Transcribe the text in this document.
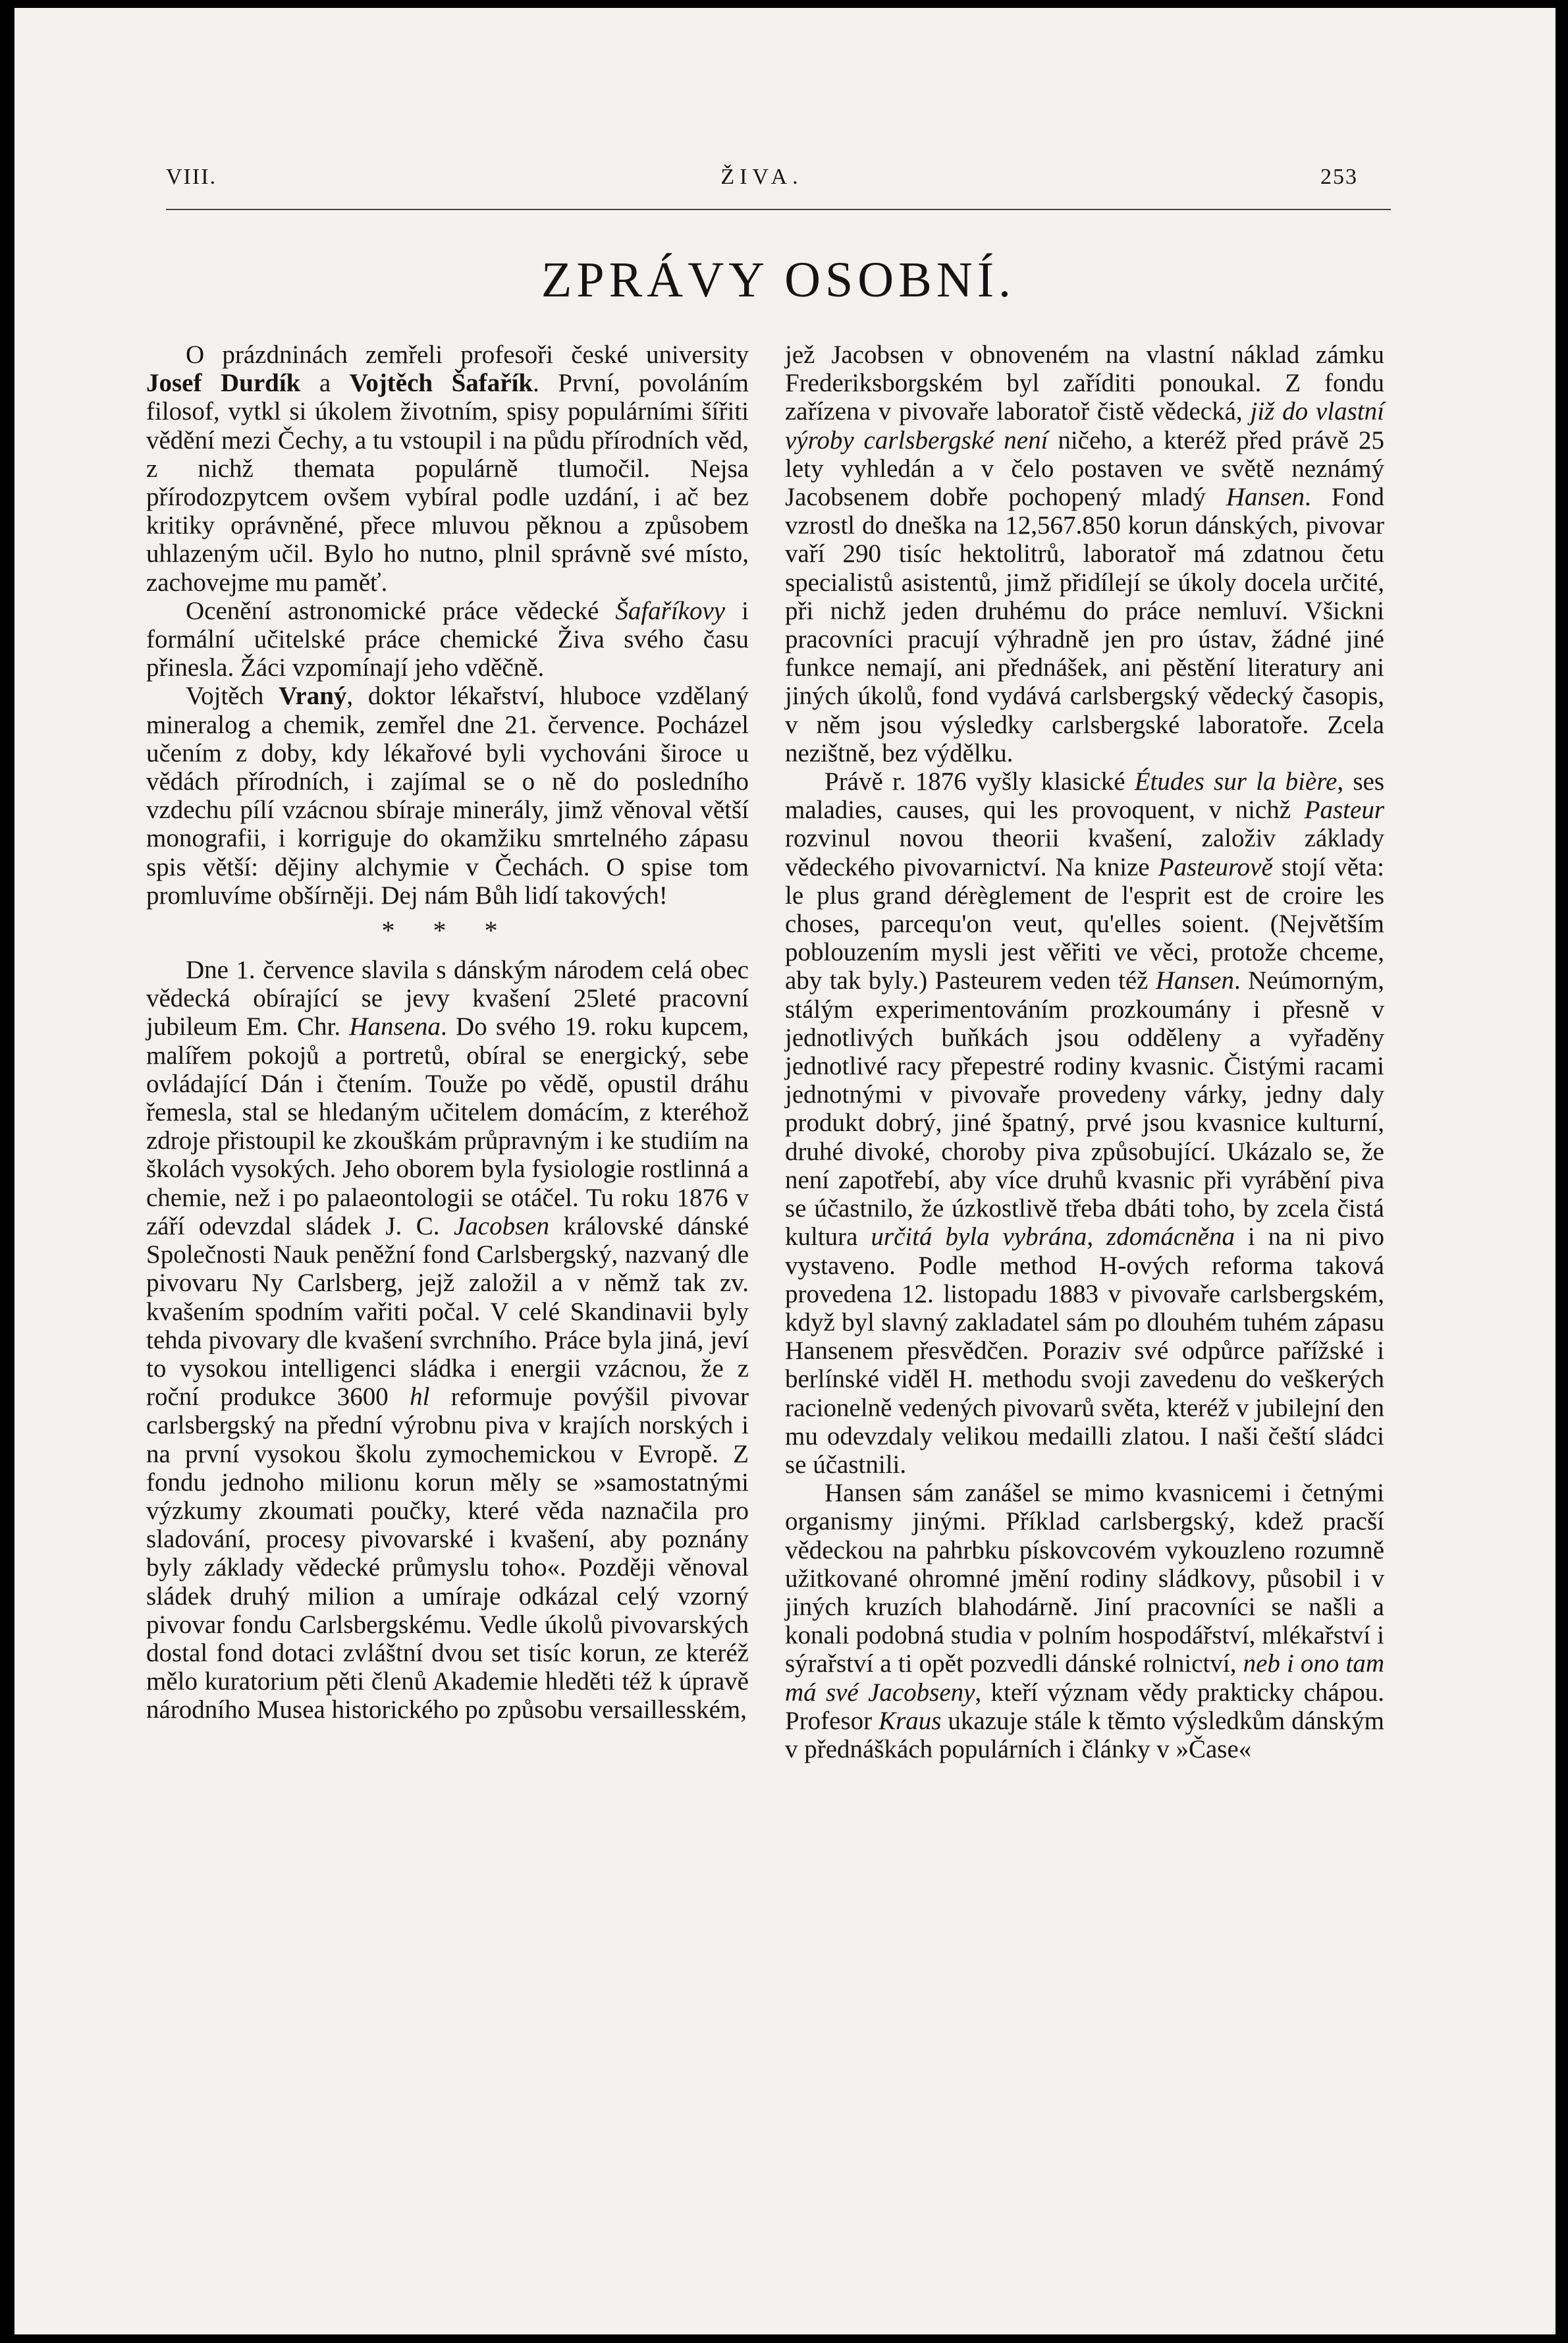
VIII.	ŽIVA.	253
ZPRÁVY OSOBNÍ.

O prázdninách zemřeli profesoři české university Josef Durdík a Vojtěch Šafařík. První, povoláním filosof, vytkl si úkolem životním, spisy populárními šířiti vědění mezi Čechy, a tu vstoupil i na půdu přírodních věd, z nichž themata populárně tlumočil. Nejsa přírodozpytcem ovšem vybíral podle uzdání, i ač bez kritiky oprávněné, přece mluvou pěknou a způsobem uhlazeným učil. Bylo ho nutno, plnil správně své místo, zachovejme mu paměť.

Ocenění astronomické práce vědecké Šafaříkovy i formální učitelské práce chemické Živa svého času přinesla. Žáci vzpomínají jeho vděčně.

Vojtěch Vraný, doktor lékařství, hluboce vzdělaný mineralog a chemik, zemřel dne 21. července. Pocházel učením z doby, kdy lékařové byli vychováni široce u vědách přírodních, i zajímal se o ně do posledního vzdechu pílí vzácnou sbíraje minerály, jimž věnoval větší monografii, i korriguje do okamžiku smrtelného zápasu spis větší: dějiny alchymie v Čechách. O spise tom promluvíme obšírněji. Dej nám Bůh lidí takových!

* * *

Dne 1. července slavila s dánským národem celá obec vědecká obírající se jevy kvašení 25leté pracovní jubileum Em. Chr. Hansena. Do svého 19. roku kupcem, malířem pokojů a portretů, obíral se energický, sebe ovládající Dán i čtením. Touže po vědě, opustil dráhu řemesla, stal se hledaným učitelem domácím, z kteréhož zdroje přistoupil ke zkouškám průpravným i ke studiím na školách vysokých. Jeho oborem byla fysiologie rostlinná a chemie, než i po palaeontologii se otáčel. Tu roku 1876 v září odevzdal sládek J. C. Jacobsen královské dánské Společnosti Nauk peněžní fond Carlsbergský, nazvaný dle pivovaru Ny Carlsberg, jejž založil a v němž tak zv. kvašením spodním vařiti počal. V celé Skandinavii byly tehda pivovary dle kvašení svrchního. Práce byla jiná, jeví to vysokou intelligenci sládka i energii vzácnou, že z roční produkce 3600 hl reformuje povýšil pivovar carlsbergský na přední výrobnu piva v krajích norských i na první vysokou školu zymochemickou v Evropě. Z fondu jednoho milionu korun měly se »samostatnými výzkumy zkoumati poučky, které věda naznačila pro sladování, procesy pivovarské i kvašení, aby poznány byly základy vědecké průmyslu toho«. Později věnoval sládek druhý milion a umíraje odkázal celý vzorný pivovar fondu Carlsbergskému. Vedle úkolů pivovarských dostal fond dotaci zvláštní dvou set tisíc korun, ze kteréž mělo kuratorium pěti členů Akademie hleděti též k úpravě národního Musea historického po způsobu versaillesském,

jež Jacobsen v obnoveném na vlastní náklad zámku Frederiksborgském byl zaříditi ponoukal. Z fondu zařízena v pivovaře laboratoř čistě vědecká, již do vlastní výroby carlsbergské není ničeho, a kteréž před právě 25 lety vyhledán a v čelo postaven ve světě neznámý Jacobsenem dobře pochopený mladý Hansen. Fond vzrostl do dneška na 12,567.850 korun dánských, pivovar vaří 290 tisíc hektolitrů, laboratoř má zdatnou četu specialistů asistentů, jimž přidílejí se úkoly docela určité, při nichž jeden druhému do práce nemluví. Všickni pracovníci pracují výhradně jen pro ústav, žádné jiné funkce nemají, ani přednášek, ani pěstění literatury ani jiných úkolů, fond vydává carlsbergský vědecký časopis, v něm jsou výsledky carlsbergské laboratoře. Zcela nezištně, bez výdělku.

Právě r. 1876 vyšly klasické Études sur la bière, ses maladies, causes, qui les provoquent, v nichž Pasteur rozvinul novou theorii kvašení, založiv základy vědeckého pivovarnictví. Na knize Pasteurově stojí věta: le plus grand dérèglement de l'esprit est de croire les choses, parcequ'on veut, qu'elles soient. (Největším poblouzením mysli jest věřiti ve věci, protože chceme, aby tak byly.) Pasteurem veden též Hansen. Neúmorným, stálým experimentováním prozkoumány i přesně v jednotlivých buňkách jsou odděleny a vyřaděny jednotlivé racy přepestré rodiny kvasnic. Čistými racami jednotnými v pivovaře provedeny várky, jedny daly produkt dobrý, jiné špatný, prvé jsou kvasnice kulturní, druhé divoké, choroby piva způsobující. Ukázalo se, že není zapotřebí, aby více druhů kvasnic při vyrábění piva se účastnilo, že úzkostlivě třeba dbáti toho, by zcela čistá kultura určitá byla vybrána, zdomácněna i na ni pivo vystaveno. Podle method H-ových reforma taková provedena 12. listopadu 1883 v pivovaře carlsbergském, když byl slavný zakladatel sám po dlouhém tuhém zápasu Hansenem přesvědčen. Poraziv své odpůrce pařížské i berlínské viděl H. methodu svoji zavedenu do veškerých racionelně vedených pivovarů světa, kteréž v jubilejní den mu odevzdaly velikou medailli zlatou. I naši čeští sládci se účastnili.

Hansen sám zanášel se mimo kvasnicemi i četnými organismy jinými. Příklad carlsbergský, kdež pracší vědeckou na pahrbku pískovcovém vykouzleno rozumně užitkované ohromné jmění rodiny sládkovy, působil i v jiných kruzích blahodárně. Jiní pracovníci se našli a konali podobná studia v polním hospodářství, mlékařství i sýrařství a ti opět pozvedli dánské rolnictví, neb i ono tam má své Jacobseny, kteří význam vědy prakticky chápou. Profesor Kraus ukazuje stále k těmto výsledkům dánským v přednáškách populárních i články v »Čase«
